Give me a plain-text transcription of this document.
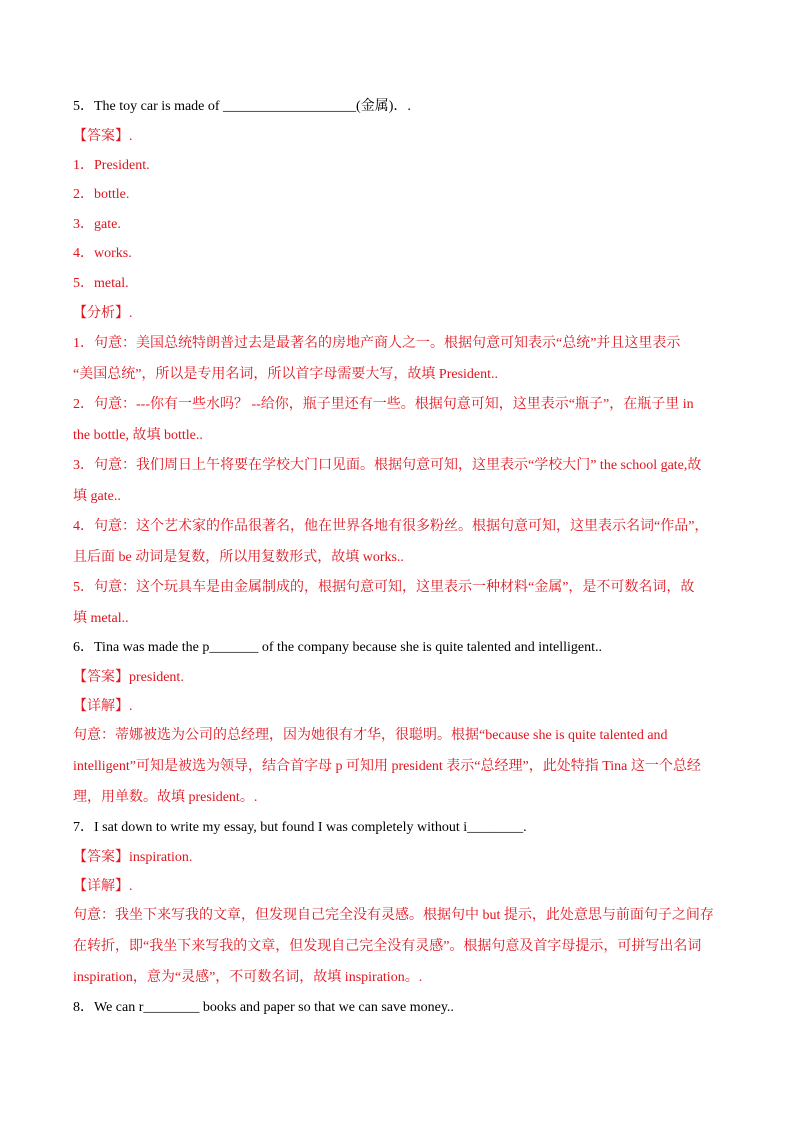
5．The toy car is made of ___________________(金属)．.
【答案】.
1．President.
2．bottle.
3．gate.
4．works.
5．metal.
【分析】.
1．句意：美国总统特朗普过去是最著名的房地产商人之一。根据句意可知表示“总统”并且这里表示
“美国总统”，所以是专用名词，所以首字母需要大写，故填 President..
2．句意：---你有一些水吗？ --给你，瓶子里还有一些。根据句意可知，这里表示“瓶子”，在瓶子里 in
the bottle, 故填 bottle..
3．句意：我们周日上午将要在学校大门口见面。根据句意可知，这里表示“学校大门” the school gate,故
填 gate..
4．句意：这个艺术家的作品很著名，他在世界各地有很多粉丝。根据句意可知，这里表示名词“作品”，
且后面 be 动词是复数，所以用复数形式，故填 works..
5．句意：这个玩具车是由金属制成的，根据句意可知，这里表示一种材料“金属”，是不可数名词，故
填 metal..
6．Tina was made the p_______ of the company because she is quite talented and intelligent..
【答案】president.
【详解】.
句意：蒂娜被选为公司的总经理，因为她很有才华，很聪明。根据“because she is quite talented and
intelligent”可知是被选为领导，结合首字母 p 可知用 president 表示“总经理”，此处特指 Tina 这一个总经
理，用单数。故填 president。.
7．I sat down to write my essay, but found I was completely without i________.
【答案】inspiration.
【详解】.
句意：我坐下来写我的文章，但发现自己完全没有灵感。根据句中 but 提示，此处意思与前面句子之间存
在转折，即“我坐下来写我的文章，但发现自己完全没有灵感”。根据句意及首字母提示，可拼写出名词
inspiration，意为“灵感”，不可数名词，故填 inspiration。.
8．We can r________ books and paper so that we can save money..
